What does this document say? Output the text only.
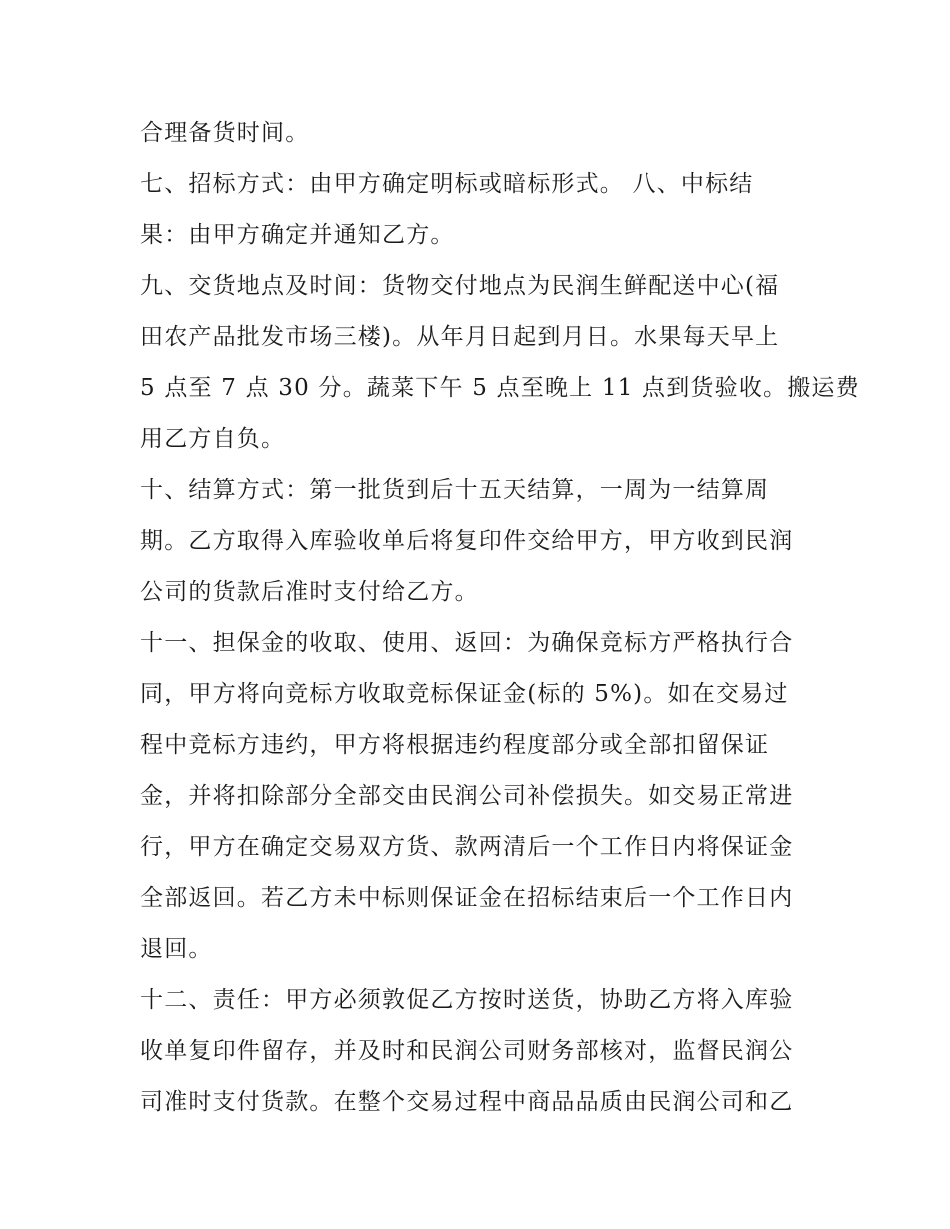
合理备货时间。
七、招标方式：由甲方确定明标或暗标形式。 八、中标结
果：由甲方确定并通知乙方。
九、交货地点及时间：货物交付地点为民润生鲜配送中心(福
田农产品批发市场三楼)。从年月日起到月日。水果每天早上
5 点至 7 点 30 分。蔬菜下午 5 点至晚上 11 点到货验收。搬运费
用乙方自负。
十、结算方式：第一批货到后十五天结算，一周为一结算周
期。乙方取得入库验收单后将复印件交给甲方，甲方收到民润
公司的货款后准时支付给乙方。
十一、担保金的收取、使用、返回：为确保竞标方严格执行合
同，甲方将向竞标方收取竞标保证金(标的 5%)。如在交易过
程中竞标方违约，甲方将根据违约程度部分或全部扣留保证
金，并将扣除部分全部交由民润公司补偿损失。如交易正常进
行，甲方在确定交易双方货、款两清后一个工作日内将保证金
全部返回。若乙方未中标则保证金在招标结束后一个工作日内
退回。
十二、责任：甲方必须敦促乙方按时送货，协助乙方将入库验
收单复印件留存，并及时和民润公司财务部核对，监督民润公
司准时支付货款。在整个交易过程中商品品质由民润公司和乙
